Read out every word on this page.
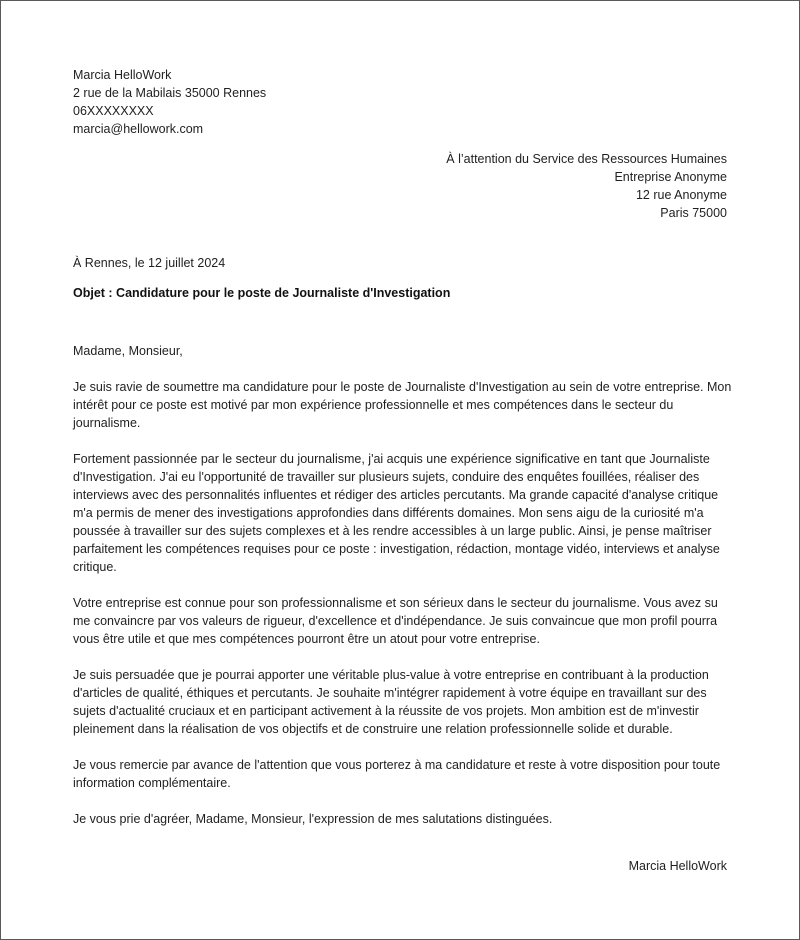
Marcia HelloWork
2 rue de la Mabilais 35000 Rennes
06XXXXXXXX
marcia@hellowork.com
À l’attention du Service des Ressources Humaines
Entreprise Anonyme
12 rue Anonyme
Paris 75000
À Rennes, le 12 juillet 2024
Objet : Candidature pour le poste de Journaliste d'Investigation

Madame, Monsieur,

Je suis ravie de soumettre ma candidature pour le poste de Journaliste d'Investigation au sein de votre entreprise. Mon intérêt pour ce poste est motivé par mon expérience professionnelle et mes compétences dans le secteur du journalisme.

Fortement passionnée par le secteur du journalisme, j'ai acquis une expérience significative en tant que Journaliste d'Investigation. J'ai eu l'opportunité de travailler sur plusieurs sujets, conduire des enquêtes fouillées, réaliser des interviews avec des personnalités influentes et rédiger des articles percutants. Ma grande capacité d'analyse critique m'a permis de mener des investigations approfondies dans différents domaines. Mon sens aigu de la curiosité m'a poussée à travailler sur des sujets complexes et à les rendre accessibles à un large public. Ainsi, je pense maîtriser parfaitement les compétences requises pour ce poste : investigation, rédaction, montage vidéo, interviews et analyse critique.

Votre entreprise est connue pour son professionnalisme et son sérieux dans le secteur du journalisme. Vous avez su me convaincre par vos valeurs de rigueur, d'excellence et d'indépendance. Je suis convaincue que mon profil pourra vous être utile et que mes compétences pourront être un atout pour votre entreprise.

Je suis persuadée que je pourrai apporter une véritable plus-value à votre entreprise en contribuant à la production d'articles de qualité, éthiques et percutants. Je souhaite m'intégrer rapidement à votre équipe en travaillant sur des sujets d'actualité cruciaux et en participant activement à la réussite de vos projets. Mon ambition est de m'investir pleinement dans la réalisation de vos objectifs et de construire une relation professionnelle solide et durable.

Je vous remercie par avance de l'attention que vous porterez à ma candidature et reste à votre disposition pour toute information complémentaire.

Je vous prie d'agréer, Madame, Monsieur, l'expression de mes salutations distinguées.

Marcia HelloWork
